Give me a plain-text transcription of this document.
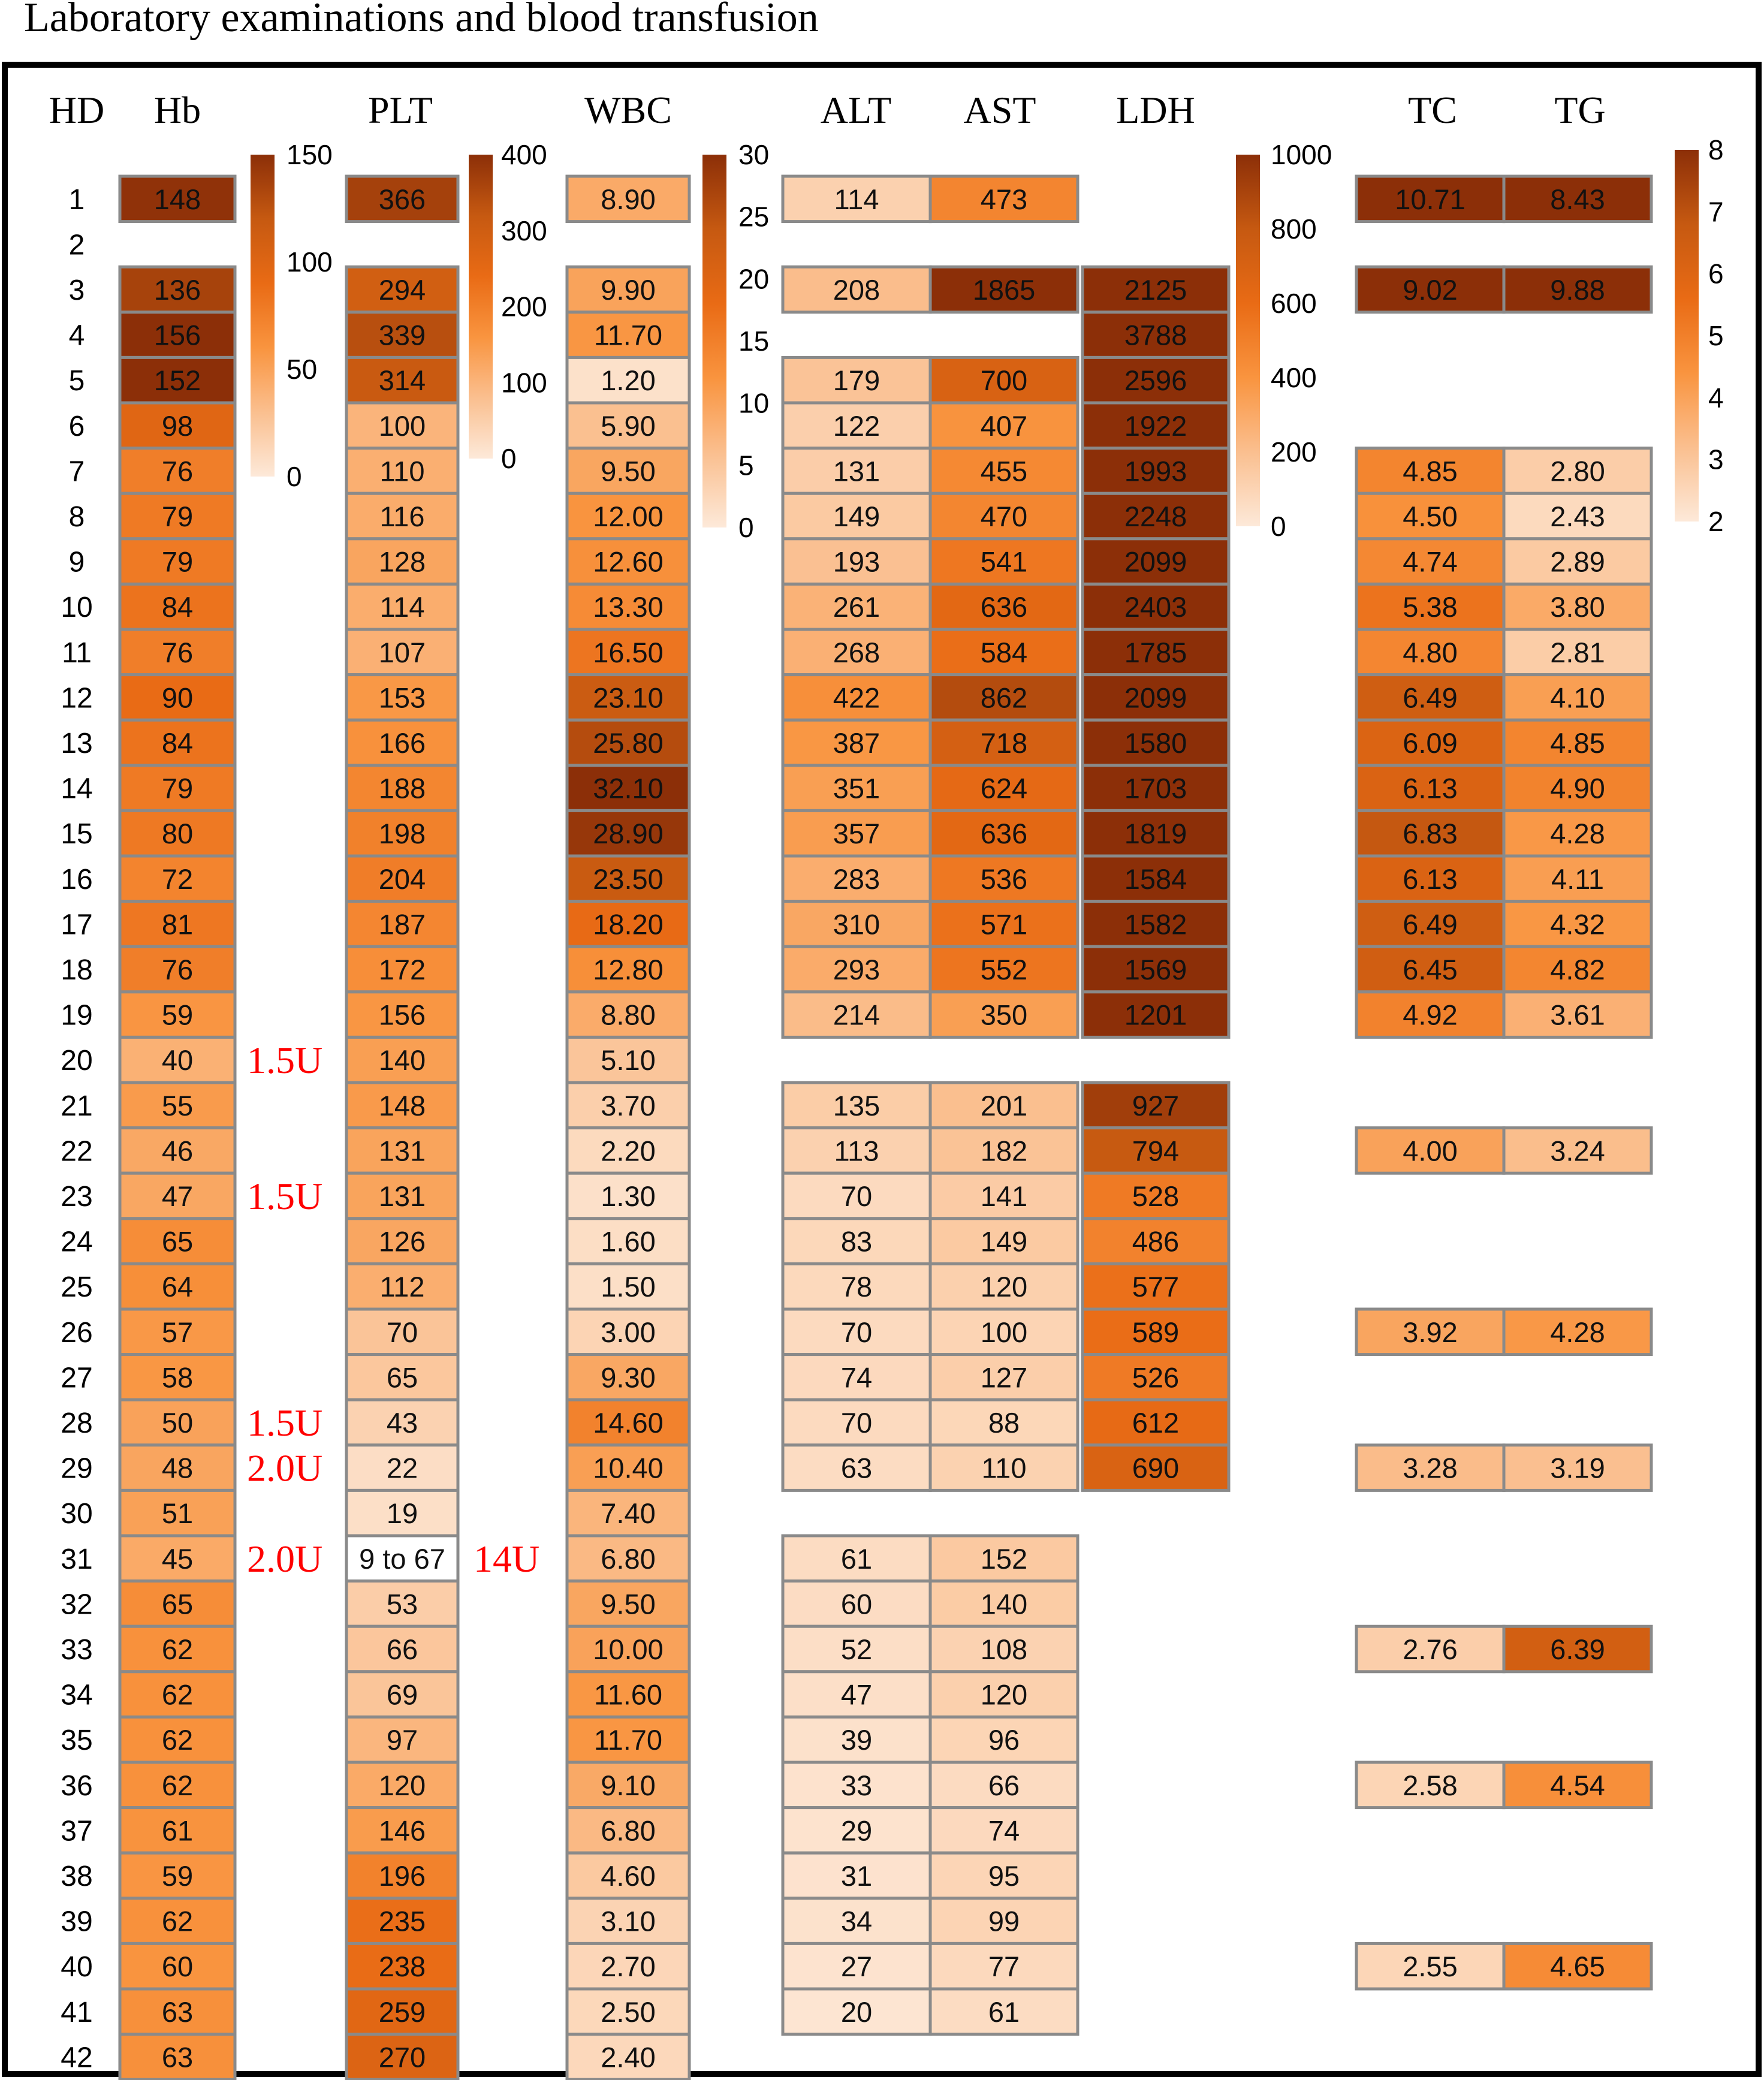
Laboratory examinations and blood transfusion
HD
1
2
3
4
5
6
7
8
9
10
11
12
13
14
15
16
17
18
19
20
21
22
23
24
25
26
27
28
29
30
31
32
33
34
35
36
37
38
39
40
41
42
Hb
148
136
156
152
98
76
79
79
84
76
90
84
79
80
72
81
76
59
40
55
46
47
65
64
57
58
50
48
51
45
65
62
62
62
62
61
59
62
60
63
63
PLT
366
294
339
314
100
110
116
128
114
107
153
166
188
198
204
187
172
156
140
148
131
131
126
112
70
65
43
22
19
9 to 67
53
66
69
97
120
146
196
235
238
259
270
WBC
8.90
9.90
11.70
1.20
5.90
9.50
12.00
12.60
13.30
16.50
23.10
25.80
32.10
28.90
23.50
18.20
12.80
8.80
5.10
3.70
2.20
1.30
1.60
1.50
3.00
9.30
14.60
10.40
7.40
6.80
9.50
10.00
11.60
11.70
9.10
6.80
4.60
3.10
2.70
2.50
2.40
ALT
114
208
179
122
131
149
193
261
268
422
387
351
357
283
310
293
214
135
113
70
83
78
70
74
70
63
61
60
52
47
39
33
29
31
34
27
20
AST
473
1865
700
407
455
470
541
636
584
862
718
624
636
536
571
552
350
201
182
141
149
120
100
127
88
110
152
140
108
120
96
66
74
95
99
77
61
LDH
2125
3788
2596
1922
1993
2248
2099
2403
1785
2099
1580
1703
1819
1584
1582
1569
1201
927
794
528
486
577
589
526
612
690
TC
10.71
9.02
4.85
4.50
4.74
5.38
4.80
6.49
6.09
6.13
6.83
6.13
6.49
6.45
4.92
4.00
3.92
3.28
2.76
2.58
2.55
TG
8.43
9.88
2.80
2.43
2.89
3.80
2.81
4.10
4.85
4.90
4.28
4.11
4.32
4.82
3.61
3.24
4.28
3.19
6.39
4.54
4.65
150
100
50
0
400
300
200
100
0
30
25
20
15
10
5
0
1000
800
600
400
200
0
8
7
6
5
4
3
2
1.5U
1.5U
1.5U
2.0U
2.0U	14U
